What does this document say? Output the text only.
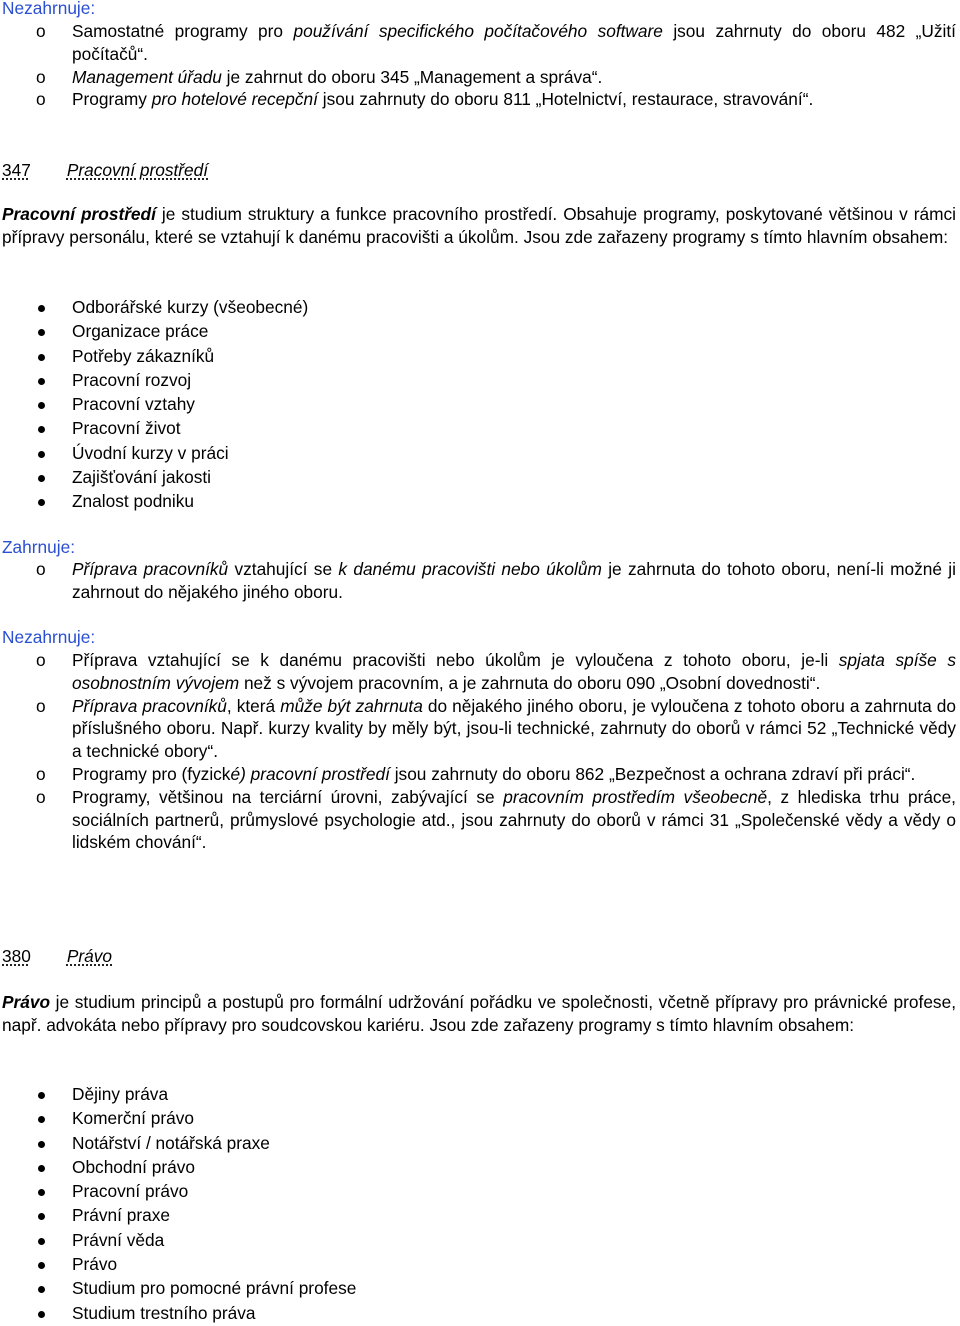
Nezahrnuje:
o Samostatné programy pro používání specifického počítačového software jsou zahrnuty do oboru 482 „Užití počítačů“.
o Management úřadu je zahrnut do oboru 345 „Management a správa“.
o Programy pro hotelové recepční jsou zahrnuty do oboru 811 „Hotelnictví, restaurace, stravování“.
347 Pracovní prostředí
Pracovní prostředí je studium struktury a funkce pracovního prostředí. Obsahuje programy, poskytované většinou v rámci přípravy personálu, které se vztahují k danému pracovišti a úkolům. Jsou zde zařazeny programy s tímto hlavním obsahem:
Odborářské kurzy (všeobecné)
Organizace práce
Potřeby zákazníků
Pracovní rozvoj
Pracovní vztahy
Pracovní život
Úvodní kurzy v práci
Zajišťování jakosti
Znalost podniku
Zahrnuje:
o Příprava pracovníků vztahující se k danému pracovišti nebo úkolům je zahrnuta do tohoto oboru, není-li možné ji zahrnout do nějakého jiného oboru.
Nezahrnuje:
o Příprava vztahující se k danému pracovišti nebo úkolům je vyloučena z tohoto oboru, je-li spjata spíše s osobnostním vývojem než s vývojem pracovním, a je zahrnuta do oboru 090 „Osobní dovednosti“.
o Příprava pracovníků, která může být zahrnuta do nějakého jiného oboru, je vyloučena z tohoto oboru a zahrnuta do příslušného oboru. Např. kurzy kvality by měly být, jsou-li technické, zahrnuty do oborů v rámci 52 „Technické vědy a technické obory“.
o Programy pro (fyzické) pracovní prostředí jsou zahrnuty do oboru 862 „Bezpečnost a ochrana zdraví při práci“.
o Programy, většinou na terciární úrovni, zabývající se pracovním prostředím všeobecně, z hlediska trhu práce, sociálních partnerů, průmyslové psychologie atd., jsou zahrnuty do oborů v rámci 31 „Společenské vědy a vědy o lidském chování“.
380 Právo
Právo je studium principů a postupů pro formální udržování pořádku ve společnosti, včetně přípravy pro právnické profese, např. advokáta nebo přípravy pro soudcovskou kariéru. Jsou zde zařazeny programy s tímto hlavním obsahem:
Dějiny práva
Komerční právo
Notářství / notářská praxe
Obchodní právo
Pracovní právo
Právní praxe
Právní věda
Právo
Studium pro pomocné právní profese
Studium trestního práva
